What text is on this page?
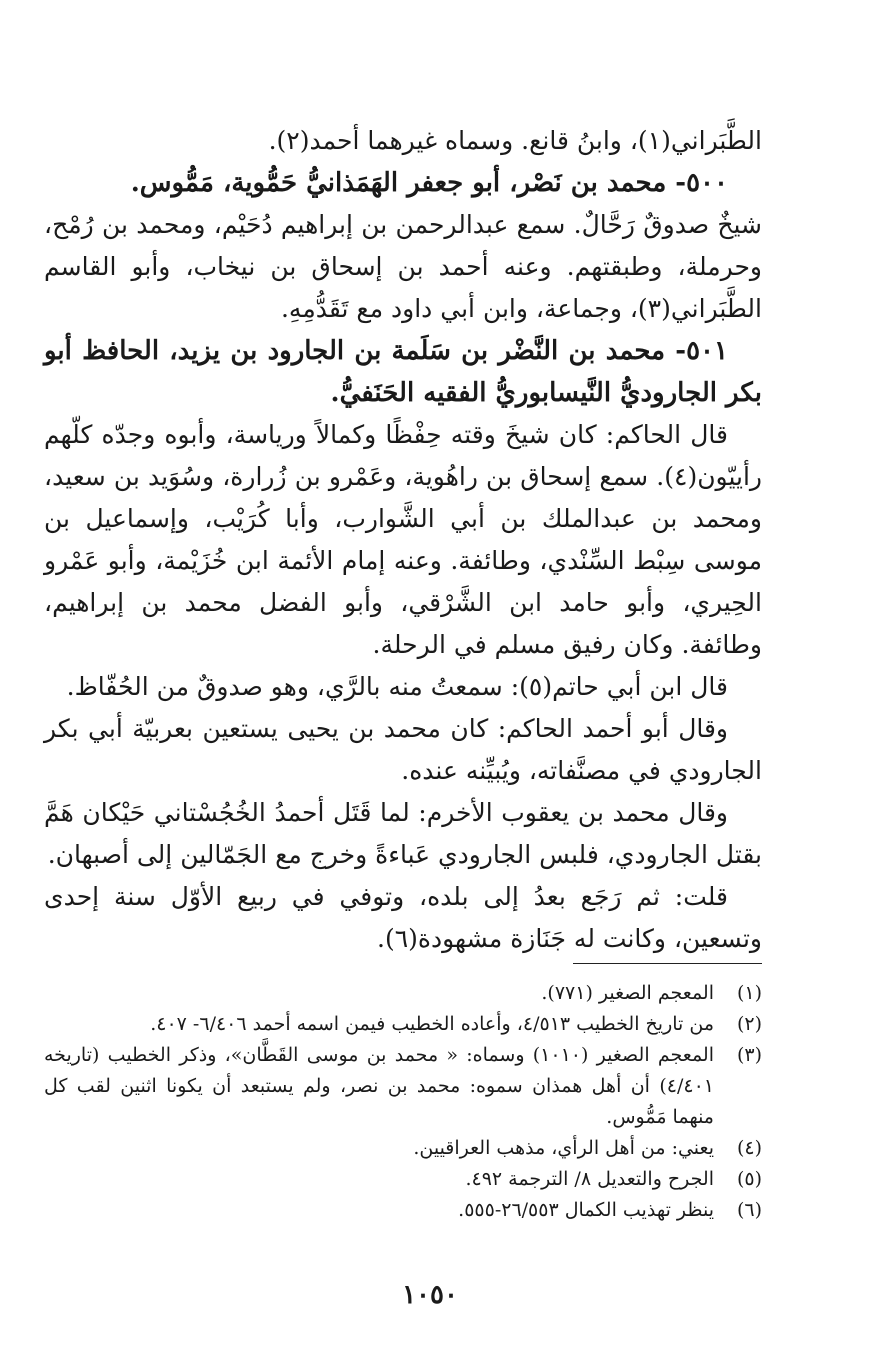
الطَّبَراني(١)، وابنُ قانع. وسماه غيرهما أحمد(٢).

٥٠٠- محمد بن نَصْر، أبو جعفر الهَمَذانيُّ حَمُّوية، مَمُّوس.

شيخٌ صدوقٌ رَحَّالٌ. سمع عبدالرحمن بن إبراهيم دُحَيْم، ومحمد بن رُمْح، وحرملة، وطبقتهم. وعنه أحمد بن إسحاق بن نيخاب، وأبو القاسم الطَّبَراني(٣)، وجماعة، وابن أبي داود مع تَقَدُّمِهِ.

٥٠١- محمد بن النَّضْر بن سَلَمة بن الجارود بن يزيد، الحافظ أبو بكر الجاروديُّ النَّيسابوريُّ الفقيه الحَنَفيُّ.

قال الحاكم: كان شيخَ وقته حِفْظًا وكمالاً ورياسة، وأبوه وجدّه كلّهم رأييّون(٤). سمع إسحاق بن راهُوية، وعَمْرو بن زُرارة، وسُوَيد بن سعيد، ومحمد بن عبدالملك بن أبي الشَّوارب، وأبا كُرَيْب، وإسماعيل بن موسى سِبْط السِّنْدي، وطائفة. وعنه إمام الأئمة ابن خُزَيْمة، وأبو عَمْرو الحِيري، وأبو حامد ابن الشَّرْقي، وأبو الفضل محمد بن إبراهيم، وطائفة. وكان رفيق مسلم في الرحلة.

قال ابن أبي حاتم(٥): سمعتُ منه بالرَّي، وهو صدوقٌ من الحُفّاظ.

وقال أبو أحمد الحاكم: كان محمد بن يحيى يستعين بعربيّة أبي بكر الجارودي في مصنَّفاته، ويُبيِّنه عنده.

وقال محمد بن يعقوب الأخرم: لما قَتَل أحمدُ الخُجُسْتاني حَيْكان هَمَّ بقتل الجارودي، فلبس الجارودي عَباءةً وخرج مع الجَمّالين إلى أصبهان.

قلت: ثم رَجَع بعدُ إلى بلده، وتوفي في ربيع الأوّل سنة إحدى وتسعين، وكانت له جَنَازة مشهودة(٦).

(١)
المعجم الصغير (٧٧١).
(٢)
من تاريخ الخطيب ٤/٥١٣، وأعاده الخطيب فيمن اسمه أحمد ٦/٤٠٦- ٤٠٧.
(٣)
المعجم الصغير (١٠١٠) وسماه: « محمد بن موسى القَطَّان»، وذكر الخطيب (تاريخه ٤/٤٠١) أن أهل همذان سموه: محمد بن نصر، ولم يستبعد أن يكونا اثنين لقب كل منهما مَمُّوس.
(٤)
يعني: من أهل الرأي، مذهب العراقيين.
(٥)
الجرح والتعديل ٨/ الترجمة ٤٩٢.
(٦)
ينظر تهذيب الكمال ٢٦/٥٥٣-٥٥٥.
١٠٥٠
